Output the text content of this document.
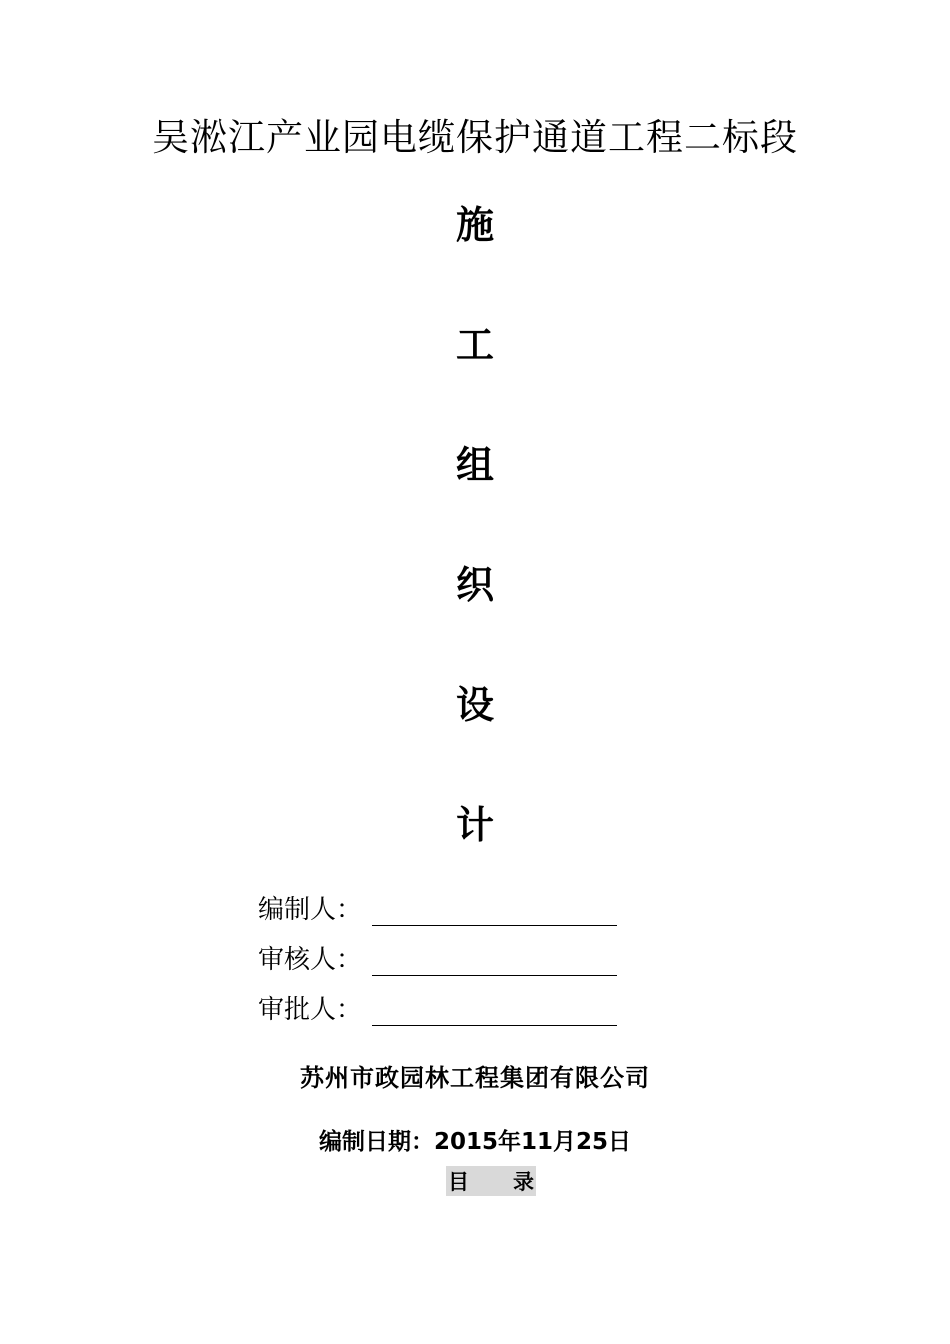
吴淞江产业园电缆保护通道工程二标段
施
工
组
织
设
计
编制人：
审核人：
审批人：
苏州市政园林工程集团有限公司
编制日期：2015年11月25日
目 录
